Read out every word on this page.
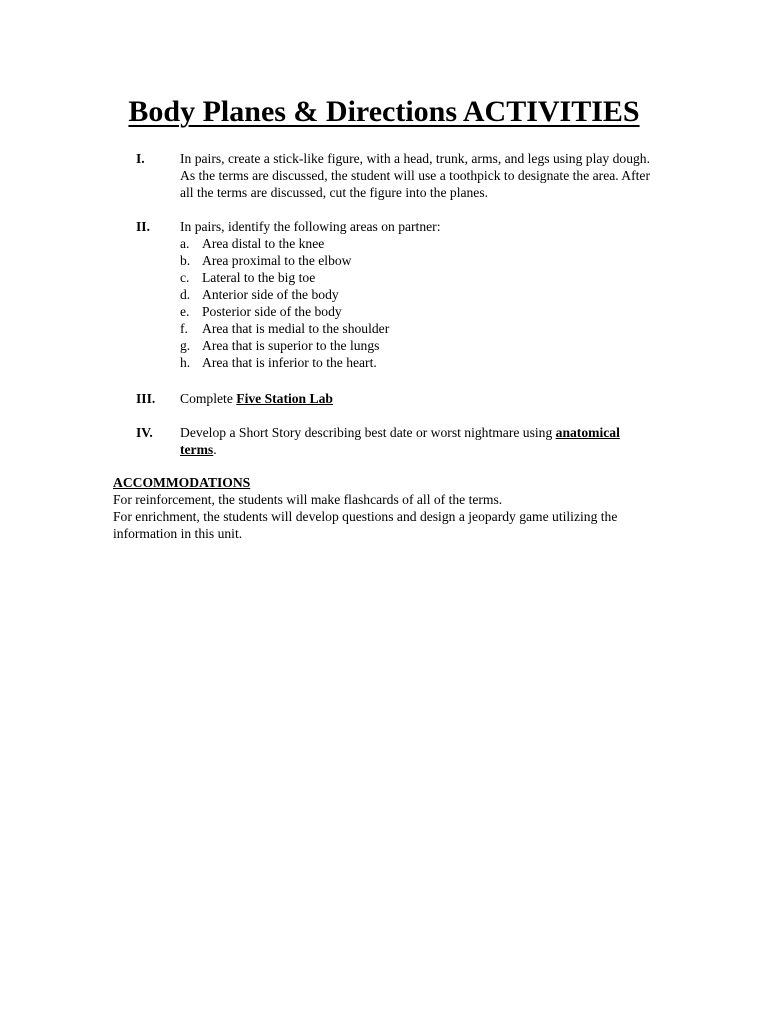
Body Planes & Directions ACTIVITIES
I.	In pairs, create a stick-like figure, with a head, trunk, arms, and legs using play dough. As the terms are discussed, the student will use a toothpick to designate the area. After all the terms are discussed, cut the figure into the planes.
II. In pairs, identify the following areas on partner:
a. Area distal to the knee
b. Area proximal to the elbow
c. Lateral to the big toe
d. Anterior side of the body
e. Posterior side of the body
f. Area that is medial to the shoulder
g. Area that is superior to the lungs
h. Area that is inferior to the heart.
III. Complete Five Station Lab
IV. Develop a Short Story describing best date or worst nightmare using anatomical terms.
ACCOMMODATIONS

For reinforcement, the students will make flashcards of all of the terms.

For enrichment, the students will develop questions and design a jeopardy game utilizing the information in this unit.
